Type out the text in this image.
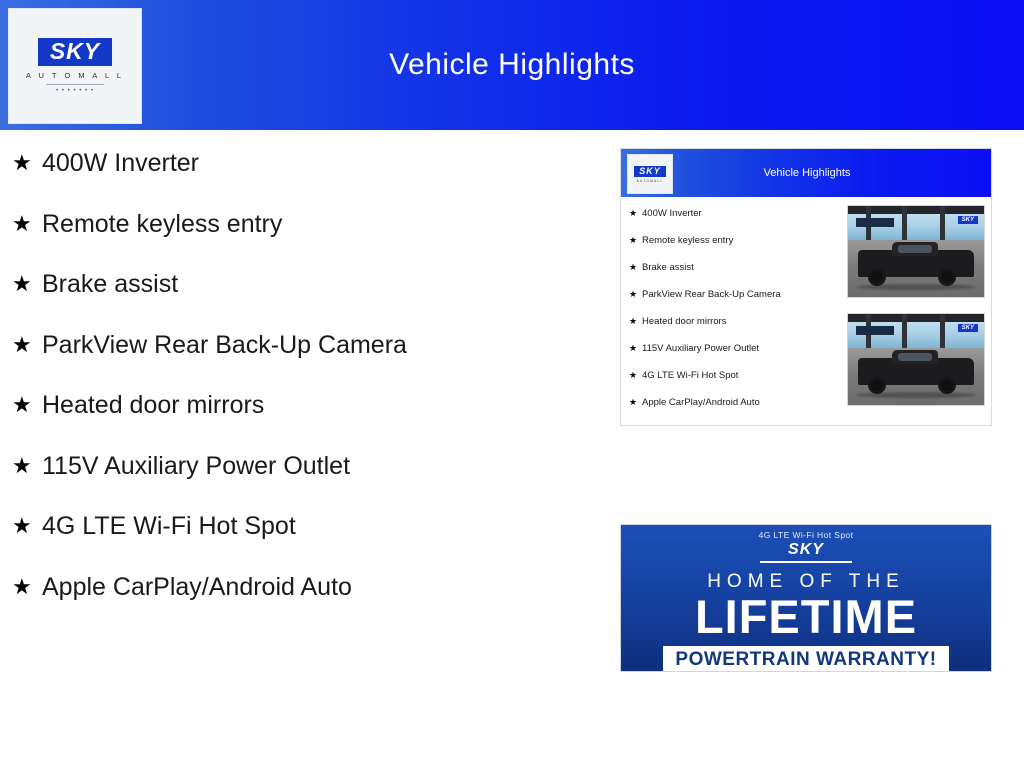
Vehicle Highlights
SKY
A U T O M A L L
• • • • • • •
★ 400W Inverter
★ Remote keyless entry
★ Brake assist
★ ParkView Rear Back-Up Camera
★ Heated door mirrors
★ 115V Auxiliary Power Outlet
★ 4G LTE Wi-Fi Hot Spot
★ Apple CarPlay/Android Auto
Vehicle Highlights
SKY
AUTOMALL
★ 400W Inverter
★ Remote keyless entry
★ Brake assist
★ ParkView Rear Back-Up Camera
★ Heated door mirrors
★ 115V Auxiliary Power Outlet
★ 4G LTE Wi-Fi Hot Spot
★ Apple CarPlay/Android Auto
SKY
SKY
4G LTE Wi-Fi Hot Spot
SKY
HOME OF THE
LIFETIME
POWERTRAIN WARRANTY!
